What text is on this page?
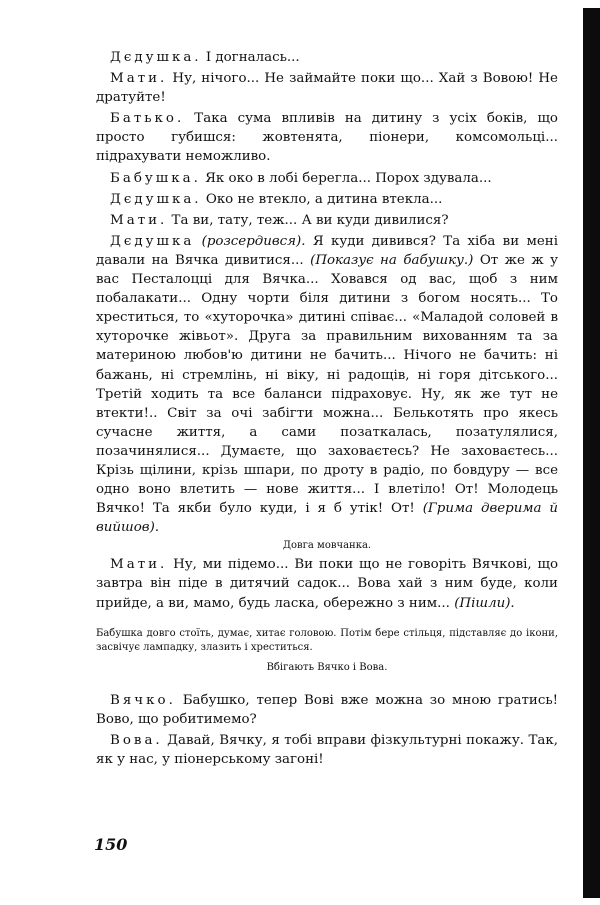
Дєдушка. І догналась...

Мати. Ну, нічого... Не займайте поки що... Хай з Вовою! Не дратуйте!

Батько. Така сума впливів на дитину з усіх боків, що просто губишся: жовтенята, піонери, комсомольці... підрахувати неможливо.

Бабушка. Як око в лобі берегла... Порох здувала...

Дєдушка. Око не втекло, а дитина втекла...

Мати. Та ви, тату, теж... А ви куди дивилися?

Дєдушка (розсердився). Я куди дивився? Та хіба ви мені давали на Вячка дивитися... (Показує на бабушку.) От же ж у вас Песталоцці для Вячка... Ховався од вас, щоб з ним побалакати... Одну чорти біля дитини з богом носять... То хреститься, то «хуторочка» дитині співає... «Маладой соловей в хуторочке жівьот». Друга за правильним вихованням та за материною любов'ю дитини не бачить... Нічого не бачить: ні бажань, ні стремлінь, ні віку, ні радощів, ні горя дітського... Третій ходить та все баланси підраховує. Ну, як же тут не втекти!.. Світ за очі забігти можна... Белькотять про якесь сучасне життя, а сами позаткалась, позатулялися, позачинялися... Думаєте, що заховаєтесь? Не заховаєтесь... Крізь щілини, крізь шпари, по дроту в радіо, по бовдуру — все одно воно влетить — нове життя... І влетіло! От! Молодець Вячко! Та якби було куди, і я б утік! От! (Грима дверима й вийшов).

Довга мовчанка.

Мати. Ну, ми підемо... Ви поки що не говоріть Вячкові, що завтра він піде в дитячий садок... Вова хай з ним буде, коли прийде, а ви, мамо, будь ласка, обережно з ним... (Пішли).

Бабушка довго стоїть, думає, хитає головою. Потім бере стільця, підставляє до ікони, засвічує лампадку, злазить і хреститься.

Вбігають Вячко і Вова.

Вячко. Бабушко, тепер Вові вже можна зо мною гратись! Вово, що робитимемо?

Вова. Давай, Вячку, я тобі вправи фізкультурні покажу. Так, як у нас, у піонерському загоні!

150
